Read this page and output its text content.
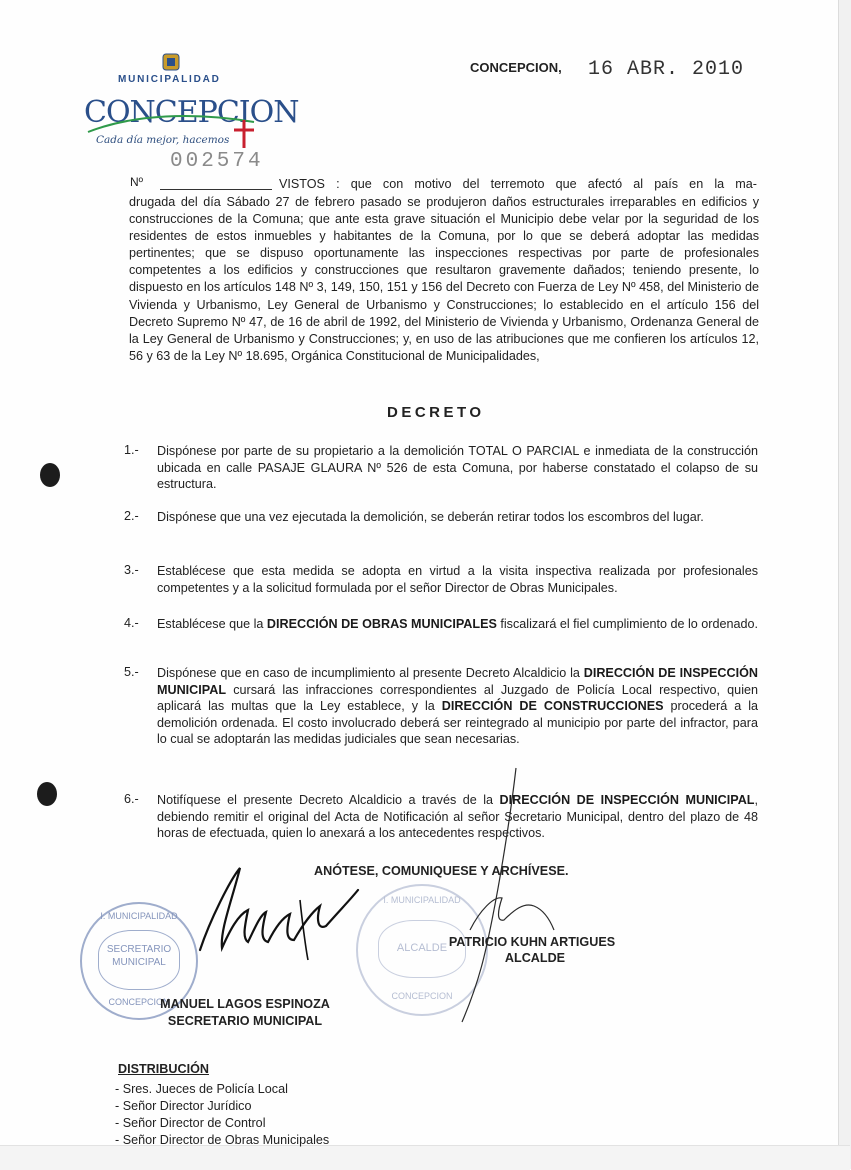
CONCEPCION
MUNICIPALIDAD
Cada día mejor, hacemos
CONCEPCION, 16 ABR. 2010
002574
Nº	VISTOS : que con motivo del terremoto que afectó al país en la ma-

drugada del día Sábado 27 de febrero pasado se produjeron daños estructurales irreparables en edificios y construcciones de la Comuna; que ante esta grave situación el Municipio debe velar por la seguridad de los residentes de estos inmuebles y habitantes de la Comuna, por lo que se deberá adoptar las medidas pertinentes; que se dispuso oportunamente las inspecciones respectivas por parte de profesionales competentes a los edificios y construcciones que resultaron gravemente dañados; teniendo presente, lo dispuesto en los artículos 148 Nº 3, 149, 150, 151 y 156 del Decreto con Fuerza de Ley Nº 458, del Ministerio de Vivienda y Urbanismo, Ley General de Urbanismo y Construcciones; lo establecido en el artículo 156 del Decreto Supremo Nº 47, de 16 de abril de 1992, del Ministerio de Vivienda y Urbanismo, Ordenanza General de la Ley General de Urbanismo y Construcciones; y, en uso de las atribuciones que me confieren los artículos 12, 56 y 63 de la Ley Nº 18.695, Orgánica Constitucional de Municipalidades,

DECRETO
1.-	Dispónese por parte de su propietario a la demolición TOTAL O PARCIAL e inmediata de la construcción ubicada en calle PASAJE GLAURA Nº 526 de esta Comuna, por haberse constatado el colapso de su estructura.
2.-	Dispónese que una vez ejecutada la demolición, se deberán retirar todos los escombros del lugar.
3.-	Establécese que esta medida se adopta en virtud a la visita inspectiva realizada por profesionales competentes y a la solicitud formulada por el señor Director de Obras Municipales.
4.-	Establécese que la DIRECCIÓN DE OBRAS MUNICIPALES fiscalizará el fiel cumplimiento de lo ordenado.
5.-	Dispónese que en caso de incumplimiento al presente Decreto Alcaldicio la DIRECCIÓN DE INSPECCIÓN MUNICIPAL cursará las infracciones correspondientes al Juzgado de Policía Local respectivo, quien aplicará las multas que la Ley establece, y la DIRECCIÓN DE CONSTRUCCIONES procederá a la demolición ordenada. El costo involucrado deberá ser reintegrado al municipio por parte del infractor, para lo cual se adoptarán las medidas judiciales que sean necesarias.
6.-	Notifíquese el presente Decreto Alcaldicio a través de la DIRECCIÓN DE INSPECCIÓN MUNICIPAL, debiendo remitir el original del Acta de Notificación al señor Secretario Municipal, dentro del plazo de 48 horas de efectuada, quien lo anexará a los antecedentes respectivos.
ANÓTESE, COMUNIQUESE Y ARCHÍVESE.
I. MUNICIPALIDAD
SECRETARIO
MUNICIPAL
CONCEPCION
I. MUNICIPALIDAD
ALCALDE
CONCEPCION
PATRICIO KUHN ARTIGUES
ALCALDE
MANUEL LAGOS ESPINOZA
SECRETARIO MUNICIPAL
DISTRIBUCIÓN
- Sres. Jueces de Policía Local
- Señor Director Jurídico
- Señor Director de Control
- Señor Director de Obras Municipales
